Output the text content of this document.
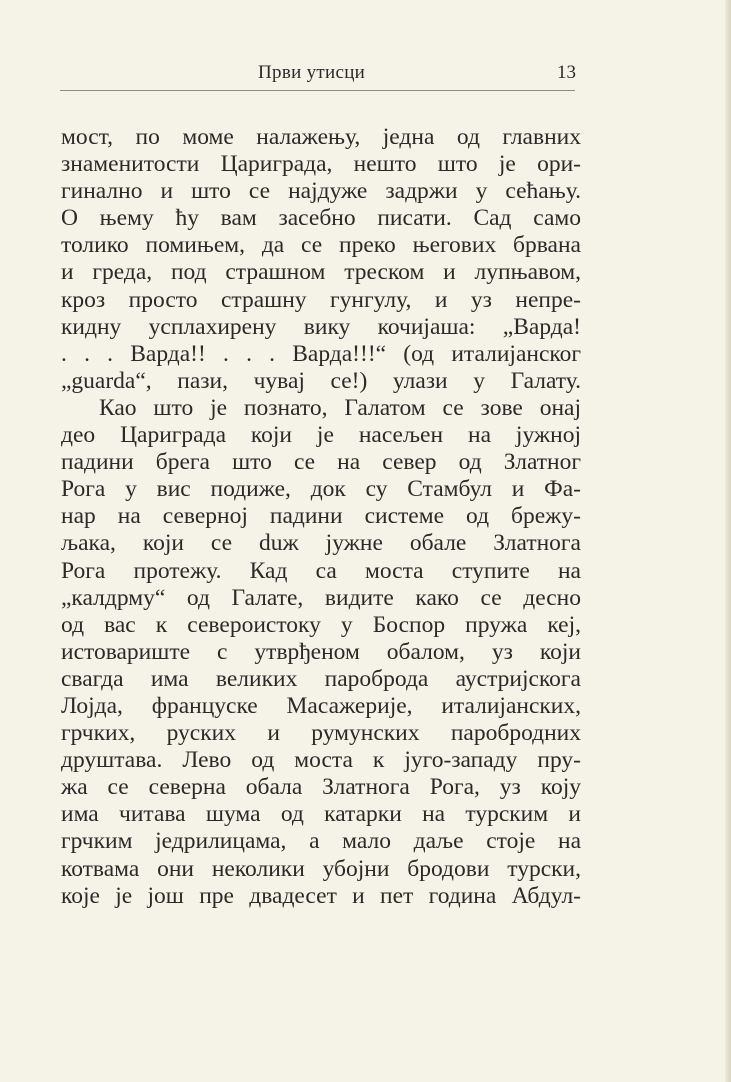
Први утисци	13
мост, по моме налажењу, једна од главних
знаменитости Цариграда, нешто што је ори-
гинално и што се најдуже задржи у сећању.
О њему ћу вам засебно писати. Сад само
толико помињем, да се преко његових брвана
и греда, под страшном треском и лупњавом,
кроз просто страшну гунгулу, и уз непре-
кидну усплахирену вику кочијаша: „Варда!
. . . Варда!! . . . Варда!!!“ (од италијанског
„guarda“, пази, чувај се!) улази у Галату.
Као што је познато, Галатом се зове онај
део Цариграда који је насељен на јужној
падини брега што се на север од Златног
Рога у вис подиже, док су Стамбул и Фа-
нар на северној падини системе од брежу-
љака, који се duж јужне обале Златнога
Рога протежу. Кад са моста ступите на
„калдрму“ од Галате, видите како се десно
од вас к североистоку у Боспор пружа кеј,
истовариште с утврђеном обалом, уз који
свагда има великих пароброда аустријскога
Лојда, француске Масажерије, италијанских,
грчких, руских и румунских паробродних
друштава. Лево од моста к југо-западу пру-
жа се северна обала Златнога Рога, уз коју
има читава шума од катарки на турским и
грчким једрилицама, а мало даље стоје на
котвама они неколики убојни бродови турски,
које је још пре двадесет и пет година Абдул-
